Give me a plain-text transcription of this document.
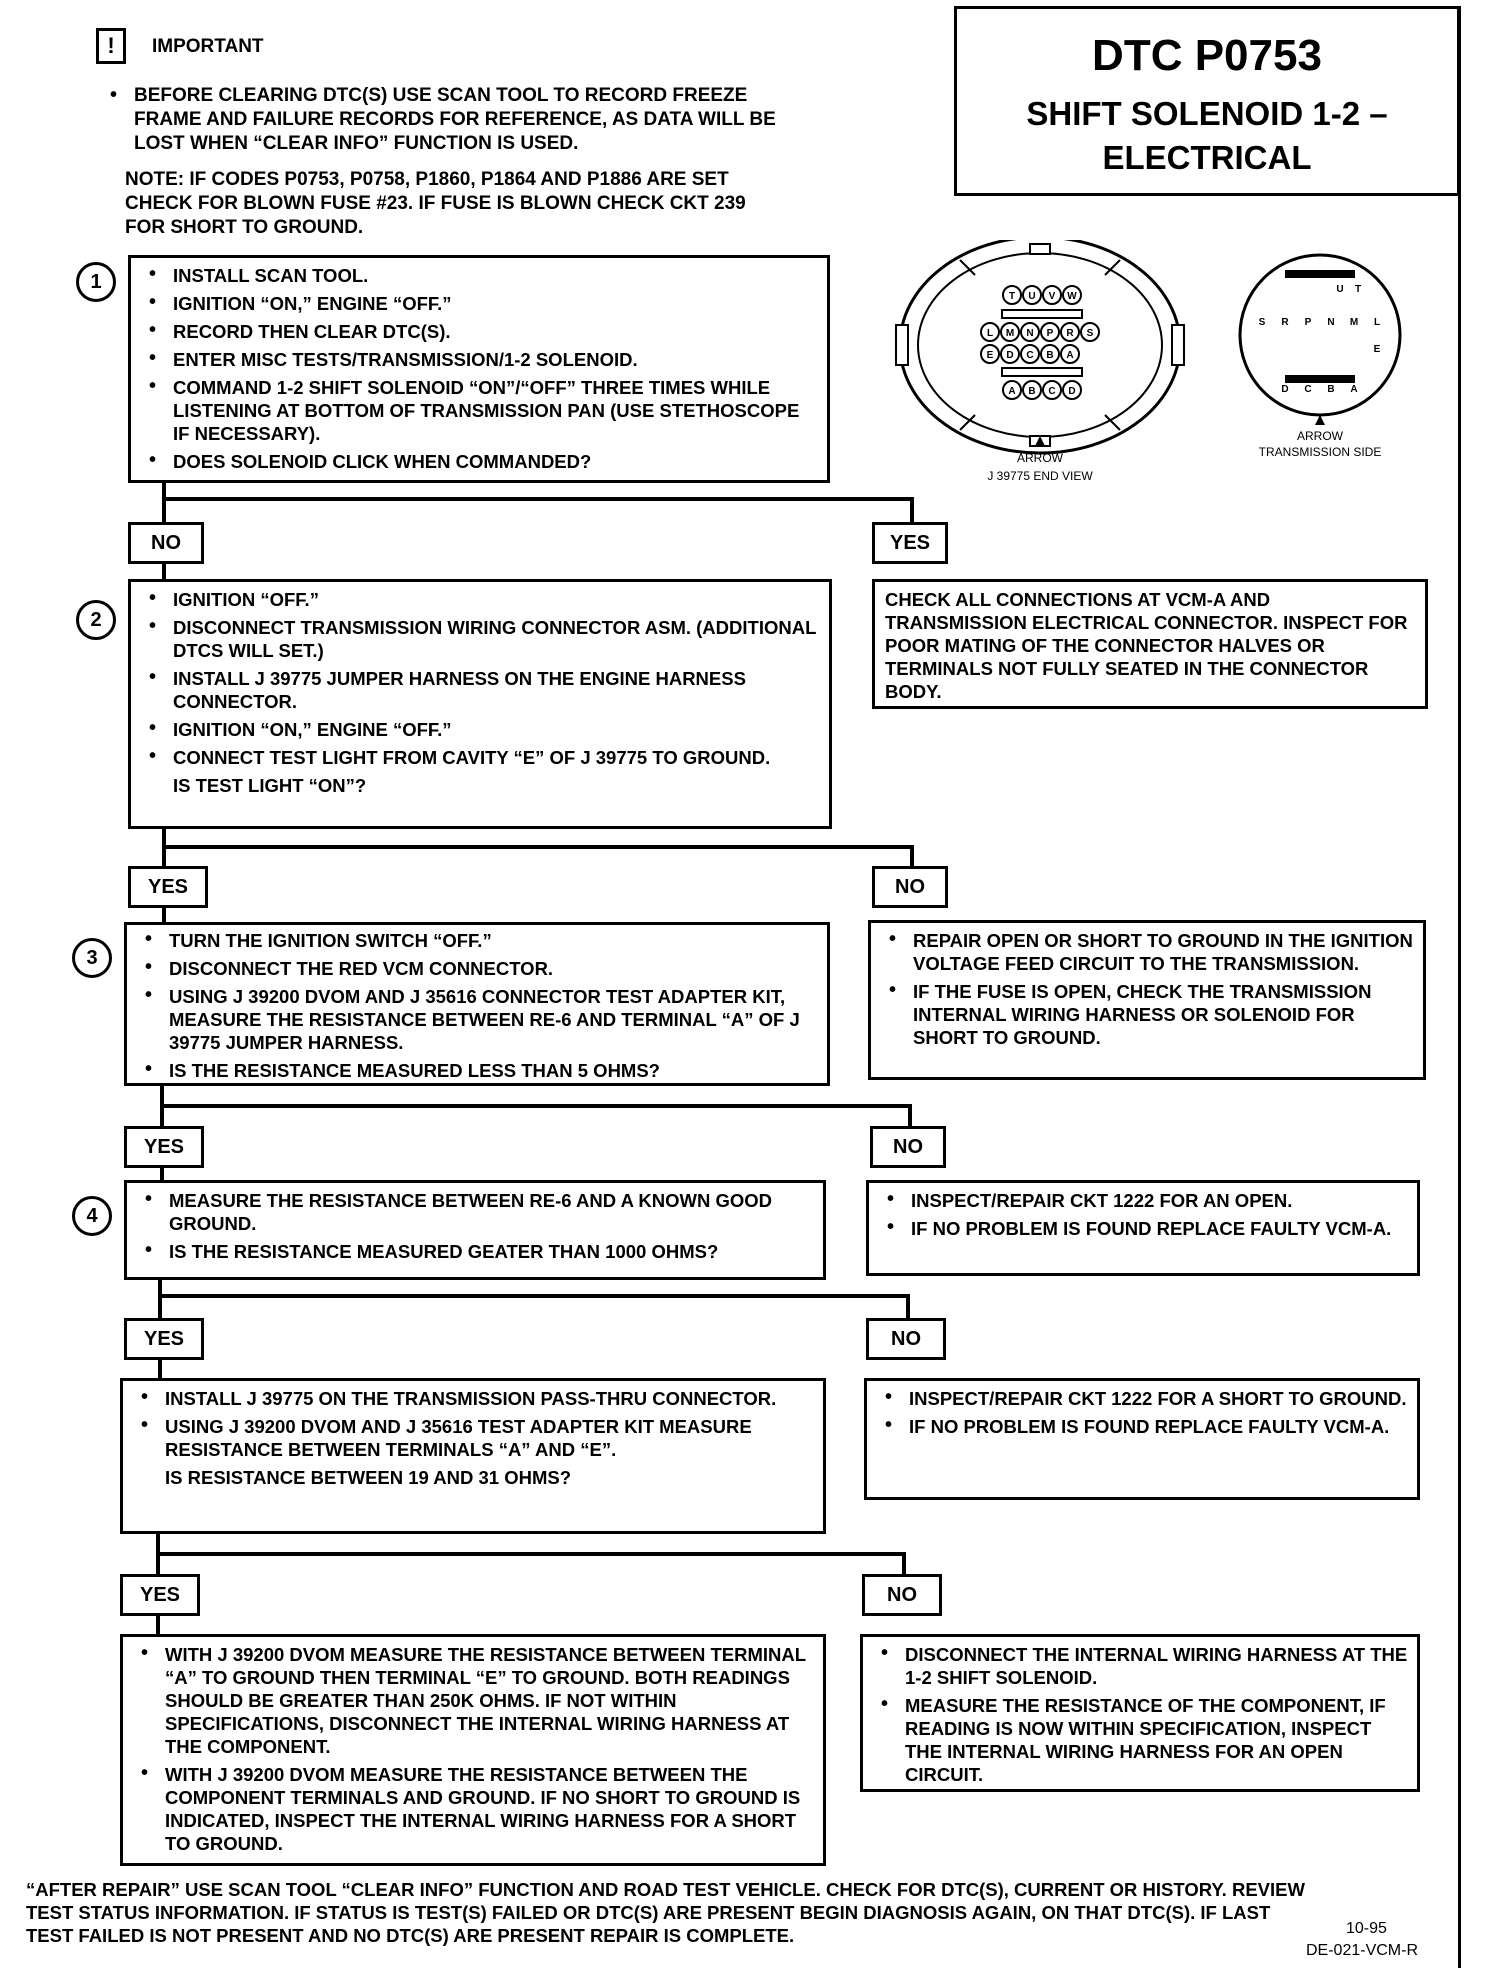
!	IMPORTANT
• BEFORE CLEARING DTC(S) USE SCAN TOOL TO RECORD FREEZE FRAME AND FAILURE RECORDS FOR REFERENCE, AS DATA WILL BE LOST WHEN “CLEAR INFO” FUNCTION IS USED.
NOTE: IF CODES P0753, P0758, P1860, P1864 AND P1886 ARE SET CHECK FOR BLOWN FUSE #23. IF FUSE IS BLOWN CHECK CKT 239 FOR SHORT TO GROUND.
DTC P0753
SHIFT SOLENOID 1-2 –
ELECTRICAL
T U V W
L M N P R S
E D C B A
A B C D
ARROW
J 39775 END VIEW
U T
S R P N M L
E
D C B A
ARROW
TRANSMISSION SIDE
1
•	INSTALL SCAN TOOL.
• IGNITION “ON,” ENGINE “OFF.”
• RECORD THEN CLEAR DTC(S).
• ENTER MISC TESTS/TRANSMISSION/1-2 SOLENOID.
• COMMAND 1-2 SHIFT SOLENOID “ON”/“OFF” THREE TIMES WHILE LISTENING AT BOTTOM OF TRANSMISSION PAN (USE STETHOSCOPE IF NECESSARY).
• DOES SOLENOID CLICK WHEN COMMANDED?
NO	YES
CHECK ALL CONNECTIONS AT VCM-A AND TRANSMISSION ELECTRICAL CONNECTOR. INSPECT FOR POOR MATING OF THE CONNECTOR HALVES OR TERMINALS NOT FULLY SEATED IN THE CONNECTOR BODY.
2
• IGNITION “OFF.”
• DISCONNECT TRANSMISSION WIRING CONNECTOR ASM. (ADDITIONAL DTCS WILL SET.)
• INSTALL J 39775 JUMPER HARNESS ON THE ENGINE HARNESS CONNECTOR.
• IGNITION “ON,” ENGINE “OFF.”
• CONNECT TEST LIGHT FROM CAVITY “E” OF J 39775 TO GROUND.
IS TEST LIGHT “ON”?
YES	NO
• REPAIR OPEN OR SHORT TO GROUND IN THE IGNITION VOLTAGE FEED CIRCUIT TO THE TRANSMISSION.
• IF THE FUSE IS OPEN, CHECK THE TRANSMISSION INTERNAL WIRING HARNESS OR SOLENOID FOR SHORT TO GROUND.
3
• TURN THE IGNITION SWITCH “OFF.”
• DISCONNECT THE RED VCM CONNECTOR.
• USING J 39200 DVOM AND J 35616 CONNECTOR TEST ADAPTER KIT, MEASURE THE RESISTANCE BETWEEN RE-6 AND TERMINAL “A” OF J 39775 JUMPER HARNESS.
• IS THE RESISTANCE MEASURED LESS THAN 5 OHMS?
YES	NO
• INSPECT/REPAIR CKT 1222 FOR AN OPEN.
• IF NO PROBLEM IS FOUND REPLACE FAULTY VCM-A.
4
• MEASURE THE RESISTANCE BETWEEN RE-6 AND A KNOWN GOOD GROUND.
• IS THE RESISTANCE MEASURED GEATER THAN 1000 OHMS?
YES	NO
• INSPECT/REPAIR CKT 1222 FOR A SHORT TO GROUND.
• IF NO PROBLEM IS FOUND REPLACE FAULTY VCM-A.
• INSTALL J 39775 ON THE TRANSMISSION PASS-THRU CONNECTOR.
• USING J 39200 DVOM AND J 35616 TEST ADAPTER KIT MEASURE RESISTANCE BETWEEN TERMINALS “A” AND “E”.
IS RESISTANCE BETWEEN 19 AND 31 OHMS?
YES	NO
• DISCONNECT THE INTERNAL WIRING HARNESS AT THE 1-2 SHIFT SOLENOID.
• MEASURE THE RESISTANCE OF THE COMPONENT, IF READING IS NOW WITHIN SPECIFICATION, INSPECT THE INTERNAL WIRING HARNESS FOR AN OPEN CIRCUIT.
• WITH J 39200 DVOM MEASURE THE RESISTANCE BETWEEN TERMINAL “A” TO GROUND THEN TERMINAL “E” TO GROUND. BOTH READINGS SHOULD BE GREATER THAN 250K OHMS. IF NOT WITHIN SPECIFICATIONS, DISCONNECT THE INTERNAL WIRING HARNESS AT THE COMPONENT.
• WITH J 39200 DVOM MEASURE THE RESISTANCE BETWEEN THE COMPONENT TERMINALS AND GROUND. IF NO SHORT TO GROUND IS INDICATED, INSPECT THE INTERNAL WIRING HARNESS FOR A SHORT TO GROUND.
“AFTER REPAIR” USE SCAN TOOL “CLEAR INFO” FUNCTION AND ROAD TEST VEHICLE. CHECK FOR DTC(S), CURRENT OR HISTORY. REVIEW TEST STATUS INFORMATION. IF STATUS IS TEST(S) FAILED OR DTC(S) ARE PRESENT BEGIN DIAGNOSIS AGAIN, ON THAT DTC(S). IF LAST TEST FAILED IS NOT PRESENT AND NO DTC(S) ARE PRESENT REPAIR IS COMPLETE.	10-95
DE-021-VCM-R
